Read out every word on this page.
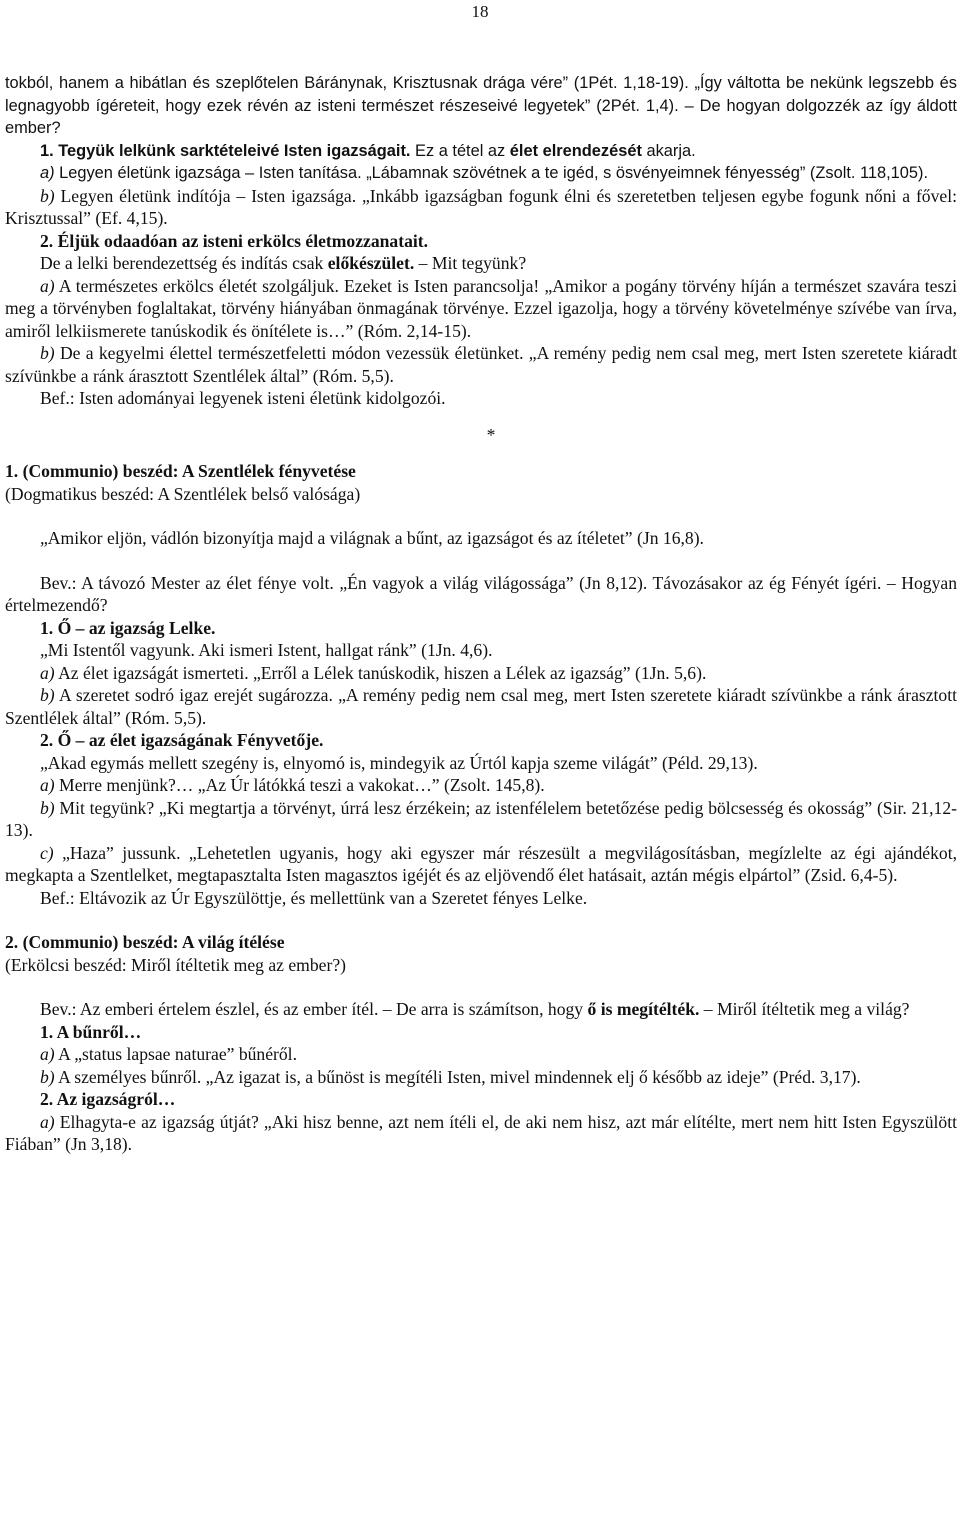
18

tokból, hanem a hibátlan és szeplőtelen Báránynak, Krisztusnak drága vére” (1Pét. 1,18-19). „Így váltotta be nekünk legszebb és legnagyobb ígéreteit, hogy ezek révén az isteni természet részeseivé legyetek” (2Pét. 1,4). – De hogyan dolgozzék az így áldott ember?

1. Tegyük lelkünk sarktételeivé Isten igazságait. Ez a tétel az élet elrendezését akarja.

a) Legyen életünk igazsága – Isten tanítása. „Lábamnak szövétnek a te igéd, s ösvényeimnek fényesség” (Zsolt. 118,105).

b) Legyen életünk indítója – Isten igazsága. „Inkább igazságban fogunk élni és szeretetben teljesen egybe fogunk nőni a fővel: Krisztussal” (Ef. 4,15).

2. Éljük odaadóan az isteni erkölcs életmozzanatait.

De a lelki berendezettség és indítás csak előkészület. – Mit tegyünk?

a) A természetes erkölcs életét szolgáljuk. Ezeket is Isten parancsolja! „Amikor a pogány törvény híján a természet szavára teszi meg a törvényben foglaltakat, törvény hiányában önmagának törvénye. Ezzel igazolja, hogy a törvény követelménye szívébe van írva, amiről lelkiismerete tanúskodik és önítélete is…” (Róm. 2,14-15).

b) De a kegyelmi élettel természetfeletti módon vezessük életünket. „A remény pedig nem csal meg, mert Isten szeretete kiáradt szívünkbe a ránk árasztott Szentlélek által” (Róm. 5,5).

Bef.: Isten adományai legyenek isteni életünk kidolgozói.

*

1. (Communio) beszéd: A Szentlélek fényvetése

(Dogmatikus beszéd: A Szentlélek belső valósága)

„Amikor eljön, vádlón bizonyítja majd a világnak a bűnt, az igazságot és az ítéletet” (Jn 16,8).

Bev.: A távozó Mester az élet fénye volt. „Én vagyok a világ világossága” (Jn 8,12). Távozásakor az ég Fényét ígéri. – Hogyan értelmezendő?

1. Ő – az igazság Lelke.

„Mi Istentől vagyunk. Aki ismeri Istent, hallgat ránk” (1Jn. 4,6).

a) Az élet igazságát ismerteti. „Erről a Lélek tanúskodik, hiszen a Lélek az igazság” (1Jn. 5,6).

b) A szeretet sodró igaz erejét sugározza. „A remény pedig nem csal meg, mert Isten szeretete kiáradt szívünkbe a ránk árasztott Szentlélek által” (Róm. 5,5).

2. Ő – az élet igazságának Fényvetője.

„Akad egymás mellett szegény is, elnyomó is, mindegyik az Úrtól kapja szeme világát” (Péld. 29,13).

a) Merre menjünk?… „Az Úr látókká teszi a vakokat…” (Zsolt. 145,8).

b) Mit tegyünk? „Ki megtartja a törvényt, úrrá lesz érzékein; az istenfélelem betetőzése pedig bölcsesség és okosság” (Sir. 21,12-13).

c) „Haza” jussunk. „Lehetetlen ugyanis, hogy aki egyszer már részesült a megvilágosításban, megízlelte az égi ajándékot, megkapta a Szentlelket, megtapasztalta Isten magasztos igéjét és az eljövendő élet hatásait, aztán mégis elpártol” (Zsid. 6,4-5).

Bef.: Eltávozik az Úr Egyszülöttje, és mellettünk van a Szeretet fényes Lelke.

2. (Communio) beszéd: A világ ítélése

(Erkölcsi beszéd: Miről ítéltetik meg az ember?)

Bev.: Az emberi értelem észlel, és az ember ítél. – De arra is számítson, hogy ő is megítélték. – Miről ítéltetik meg a világ?

1. A bűnről…

a) A „status lapsae naturae” bűnéről.

b) A személyes bűnről. „Az igazat is, a bűnöst is megítéli Isten, mivel mindennek elj ő később az ideje” (Préd. 3,17).

2. Az igazságról…

a) Elhagyta-e az igazság útját? „Aki hisz benne, azt nem ítéli el, de aki nem hisz, azt már elítélte, mert nem hitt Isten Egyszülött Fiában” (Jn 3,18).
